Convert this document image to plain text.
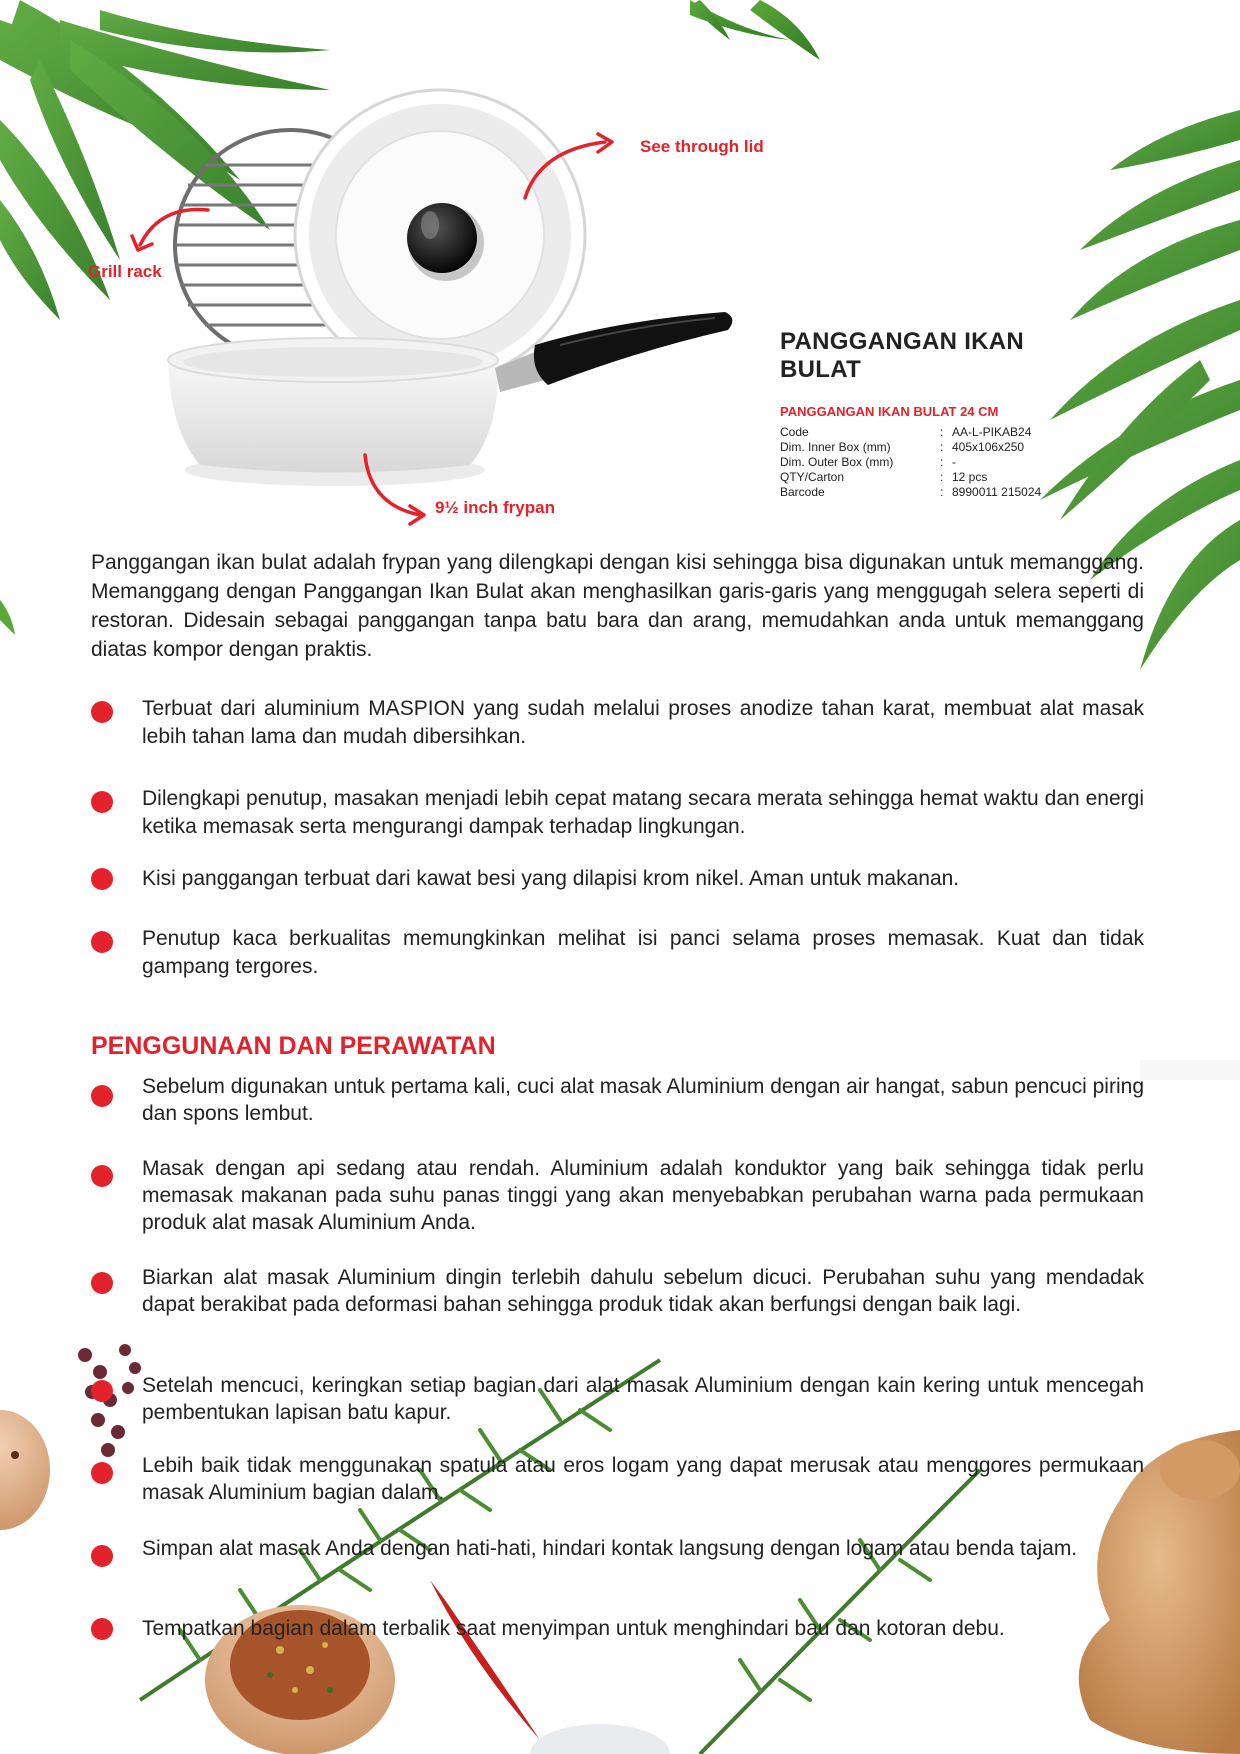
See through lid
Grill rack
9½ inch frypan
PANGGANGAN IKAN BULAT
PANGGANGAN IKAN BULAT 24 CM
Code	: AA-L-PIKAB24
Dim. Inner Box (mm)	: 405x106x250
Dim. Outer Box (mm)	: -
QTY/Carton	: 12 pcs
Barcode	: 8990011 215024
Panggangan ikan bulat adalah frypan yang dilengkapi dengan kisi sehingga bisa digunakan untuk memanggang. Memanggang dengan Panggangan Ikan Bulat akan menghasilkan garis-garis yang menggugah selera seperti di restoran. Didesain sebagai panggangan tanpa batu bara dan arang, memudahkan anda untuk memanggang diatas kompor dengan praktis.
Terbuat dari aluminium MASPION yang sudah melalui proses anodize tahan karat, membuat alat masak lebih tahan lama dan mudah dibersihkan.
Dilengkapi penutup, masakan menjadi lebih cepat matang secara merata sehingga hemat waktu dan energi ketika memasak serta mengurangi dampak terhadap lingkungan.
Kisi panggangan terbuat dari kawat besi yang dilapisi krom nikel. Aman untuk makanan.
Penutup kaca berkualitas memungkinkan melihat isi panci selama proses memasak. Kuat dan tidak gampang tergores.
PENGGUNAAN DAN PERAWATAN
Sebelum digunakan untuk pertama kali, cuci alat masak Aluminium dengan air hangat, sabun pencuci piring dan spons lembut.
Masak dengan api sedang atau rendah. Aluminium adalah konduktor yang baik sehingga tidak perlu memasak makanan pada suhu panas tinggi yang akan menyebabkan perubahan warna pada permukaan produk alat masak Aluminium Anda.
Biarkan alat masak Aluminium dingin terlebih dahulu sebelum dicuci. Perubahan suhu yang mendadak dapat berakibat pada deformasi bahan sehingga produk tidak akan berfungsi dengan baik lagi.
Setelah mencuci, keringkan setiap bagian dari alat masak Aluminium dengan kain kering untuk mencegah pembentukan lapisan batu kapur.
Lebih baik tidak menggunakan spatula atau eros logam yang dapat merusak atau menggores permukaan masak Aluminium bagian dalam.
Simpan alat masak Anda dengan hati-hati, hindari kontak langsung dengan logam atau benda tajam.
Tempatkan bagian dalam terbalik saat menyimpan untuk menghindari bau dan kotoran debu.
